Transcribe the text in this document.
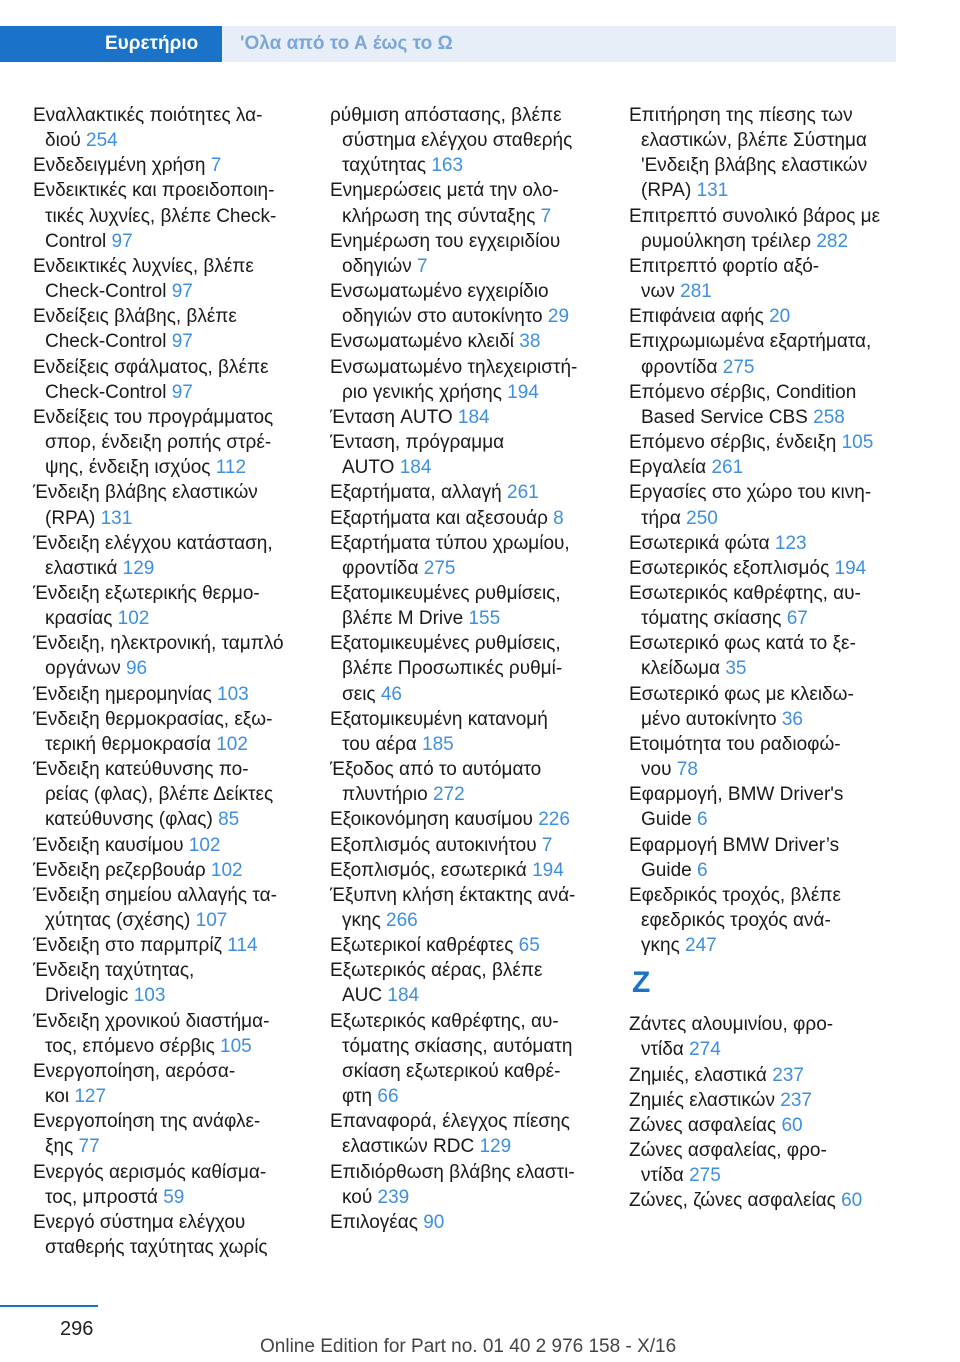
Ευρετήριο	'Ολα από το Α έως το Ω
Εναλλακτικές ποιότητες λα‐
διού 254
Ενδεδειγμένη χρήση 7
Ενδεικτικές και προειδοποιη‐
τικές λυχνίες, βλέπε Check-
Control 97
Ενδεικτικές λυχνίες, βλέπε
Check-Control 97
Ενδείξεις βλάβης, βλέπε
Check-Control 97
Ενδείξεις σφάλματος, βλέπε
Check-Control 97
Ενδείξεις του προγράμματος
σπορ, ένδειξη ροπής στρέ‐
ψης, ένδειξη ισχύος 112
Ένδειξη βλάβης ελαστικών
(RPA) 131
Ένδειξη ελέγχου κατάσταση,
ελαστικά 129
Ένδειξη εξωτερικής θερμο‐
κρασίας 102
Ένδειξη, ηλεκτρονική, ταμπλό
οργάνων 96
Ένδειξη ημερομηνίας 103
Ένδειξη θερμοκρασίας, εξω‐
τερική θερμοκρασία 102
Ένδειξη κατεύθυνσης πο‐
ρείας (φλας), βλέπε Δείκτες
κατεύθυνσης (φλας) 85
Ένδειξη καυσίμου 102
Ένδειξη ρεζερβουάρ 102
Ένδειξη σημείου αλλαγής τα‐
χύτητας (σχέσης) 107
Ένδειξη στο παρμπρίζ 114
Ένδειξη ταχύτητας,
Drivelogic 103
Ένδειξη χρονικού διαστήμα‐
τος, επόμενο σέρβις 105
Ενεργοποίηση, αερόσα‐
κοι 127
Ενεργοποίηση της ανάφλε‐
ξης 77
Ενεργός αερισμός καθίσμα‐
τος, μπροστά 59
Ενεργό σύστημα ελέγχου
σταθερής ταχύτητας χωρίς
ρύθμιση απόστασης, βλέπε
σύστημα ελέγχου σταθερής
ταχύτητας 163
Ενημερώσεις μετά την ολο‐
κλήρωση της σύνταξης 7
Ενημέρωση του εγχειριδίου
οδηγιών 7
Ενσωματωμένο εγχειρίδιο
οδηγιών στο αυτοκίνητο 29
Ενσωματωμένο κλειδί 38
Ενσωματωμένο τηλεχειριστή‐
ριο γενικής χρήσης 194
Ένταση AUTO 184
Ένταση, πρόγραμμα
AUTO 184
Εξαρτήματα, αλλαγή 261
Εξαρτήματα και αξεσουάρ 8
Εξαρτήματα τύπου χρωμίου,
φροντίδα 275
Εξατομικευμένες ρυθμίσεις,
βλέπε M Drive 155
Εξατομικευμένες ρυθμίσεις,
βλέπε Προσωπικές ρυθμί‐
σεις 46
Εξατομικευμένη κατανομή
του αέρα 185
Έξοδος από το αυτόματο
πλυντήριο 272
Εξοικονόμηση καυσίμου 226
Εξοπλισμός αυτοκινήτου 7
Εξοπλισμός, εσωτερικά 194
Έξυπνη κλήση έκτακτης ανά‐
γκης 266
Εξωτερικοί καθρέφτες 65
Εξωτερικός αέρας, βλέπε
AUC 184
Εξωτερικός καθρέφτης, αυ‐
τόματης σκίασης, αυτόματη
σκίαση εξωτερικού καθρέ‐
φτη 66
Επαναφορά, έλεγχος πίεσης
ελαστικών RDC 129
Επιδιόρθωση βλάβης ελαστι‐
κού 239
Επιλογέας 90
Επιτήρηση της πίεσης των
ελαστικών, βλέπε Σύστημα
'Ενδειξη βλάβης ελαστικών
(RPA) 131
Επιτρεπτό συνολικό βάρος με
ρυμούλκηση τρέιλερ 282
Επιτρεπτό φορτίο αξό‐
νων 281
Επιφάνεια αφής 20
Επιχρωμιωμένα εξαρτήματα,
φροντίδα 275
Επόμενο σέρβις, Condition
Based Service CBS 258
Επόμενο σέρβις, ένδειξη 105
Εργαλεία 261
Εργασίες στο χώρο του κινη‐
τήρα 250
Εσωτερικά φώτα 123
Εσωτερικός εξοπλισμός 194
Εσωτερικός καθρέφτης, αυ‐
τόματης σκίασης 67
Εσωτερικό φως κατά το ξε‐
κλείδωμα 35
Εσωτερικό φως με κλειδω‐
μένο αυτοκίνητο 36
Ετοιμότητα του ραδιοφώ‐
νου 78
Εφαρμογή, BMW Driver's
Guide 6
Εφαρμογή BMW Driver’s
Guide 6
Εφεδρικός τροχός, βλέπε
εφεδρικός τροχός ανά‐
γκης 247
Z
Ζάντες αλουμινίου, φρο‐
ντίδα 274
Ζημιές, ελαστικά 237
Ζημιές ελαστικών 237
Ζώνες ασφαλείας 60
Ζώνες ασφαλείας, φρο‐
ντίδα 275
Ζώνες, ζώνες ασφαλείας 60
296
Online Edition for Part no. 01 40 2 976 158 - X/16
